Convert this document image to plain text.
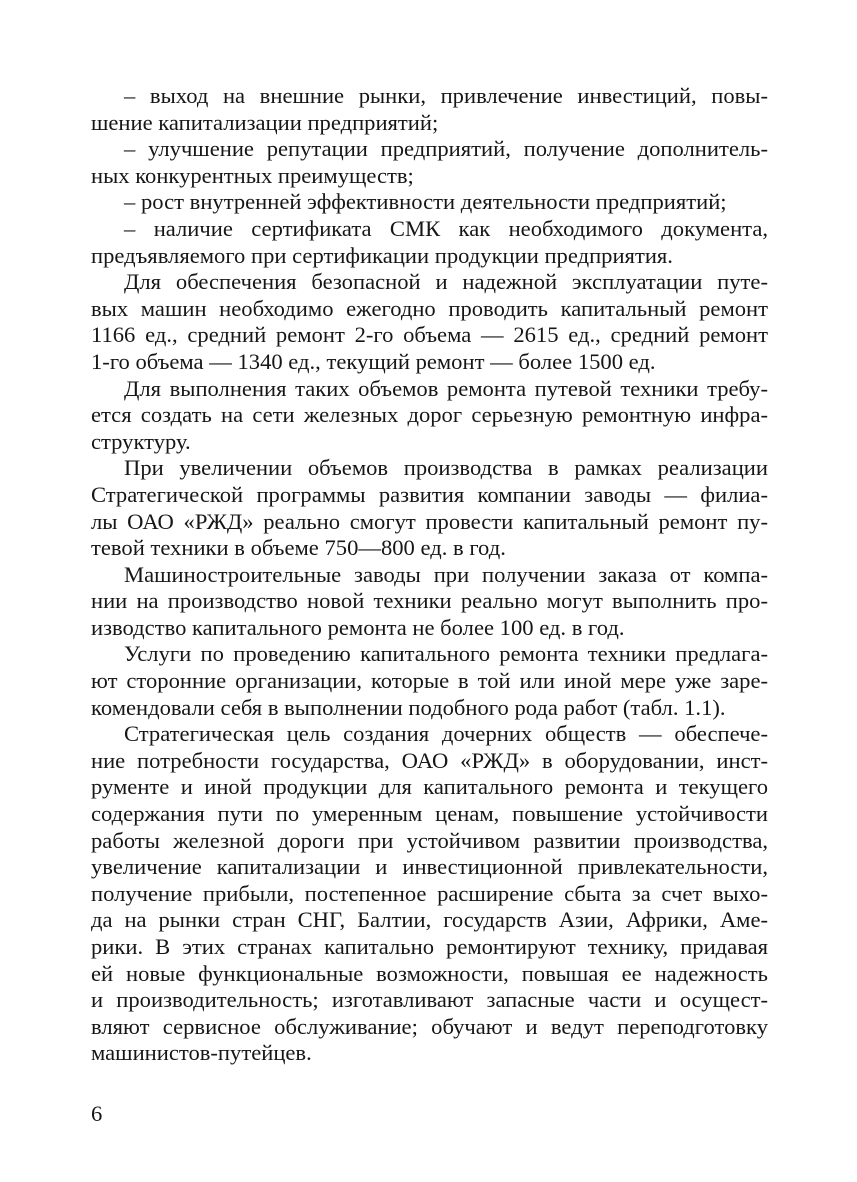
– выход на внешние рынки, привлечение инвестиций, повы-
шение капитализации предприятий;
– улучшение репутации предприятий, получение дополнитель-
ных конкурентных преимуществ;
– рост внутренней эффективности деятельности предприятий;
– наличие сертификата СМК как необходимого документа,
предъявляемого при сертификации продукции предприятия.
Для обеспечения безопасной и надежной эксплуатации путе-
вых машин необходимо ежегодно проводить капитальный ремонт
1166 ед., средний ремонт 2-го объема — 2615 ед., средний ремонт
1-го объема — 1340 ед., текущий ремонт — более 1500 ед.
Для выполнения таких объемов ремонта путевой техники требу-
ется создать на сети железных дорог серьезную ремонтную инфра-
структуру.
При увеличении объемов производства в рамках реализации
Стратегической программы развития компании заводы — филиа-
лы ОАО «РЖД» реально смогут провести капитальный ремонт пу-
тевой техники в объеме 750—800 ед. в год.
Машиностроительные заводы при получении заказа от компа-
нии на производство новой техники реально могут выполнить про-
изводство капитального ремонта не более 100 ед. в год.
Услуги по проведению капитального ремонта техники предлага-
ют сторонние организации, которые в той или иной мере уже заре-
комендовали себя в выполнении подобного рода работ (табл. 1.1).
Стратегическая цель создания дочерних обществ — обеспече-
ние потребности государства, ОАО «РЖД» в оборудовании, инст-
рументе и иной продукции для капитального ремонта и текущего
содержания пути по умеренным ценам, повышение устойчивости
работы железной дороги при устойчивом развитии производства,
увеличение капитализации и инвестиционной привлекательности,
получение прибыли, постепенное расширение сбыта за счет выхо-
да на рынки стран СНГ, Балтии, государств Азии, Африки, Аме-
рики. В этих странах капитально ремонтируют технику, придавая
ей новые функциональные возможности, повышая ее надежность
и производительность; изготавливают запасные части и осущест-
вляют сервисное обслуживание; обучают и ведут переподготовку
машинистов-путейцев.
6
